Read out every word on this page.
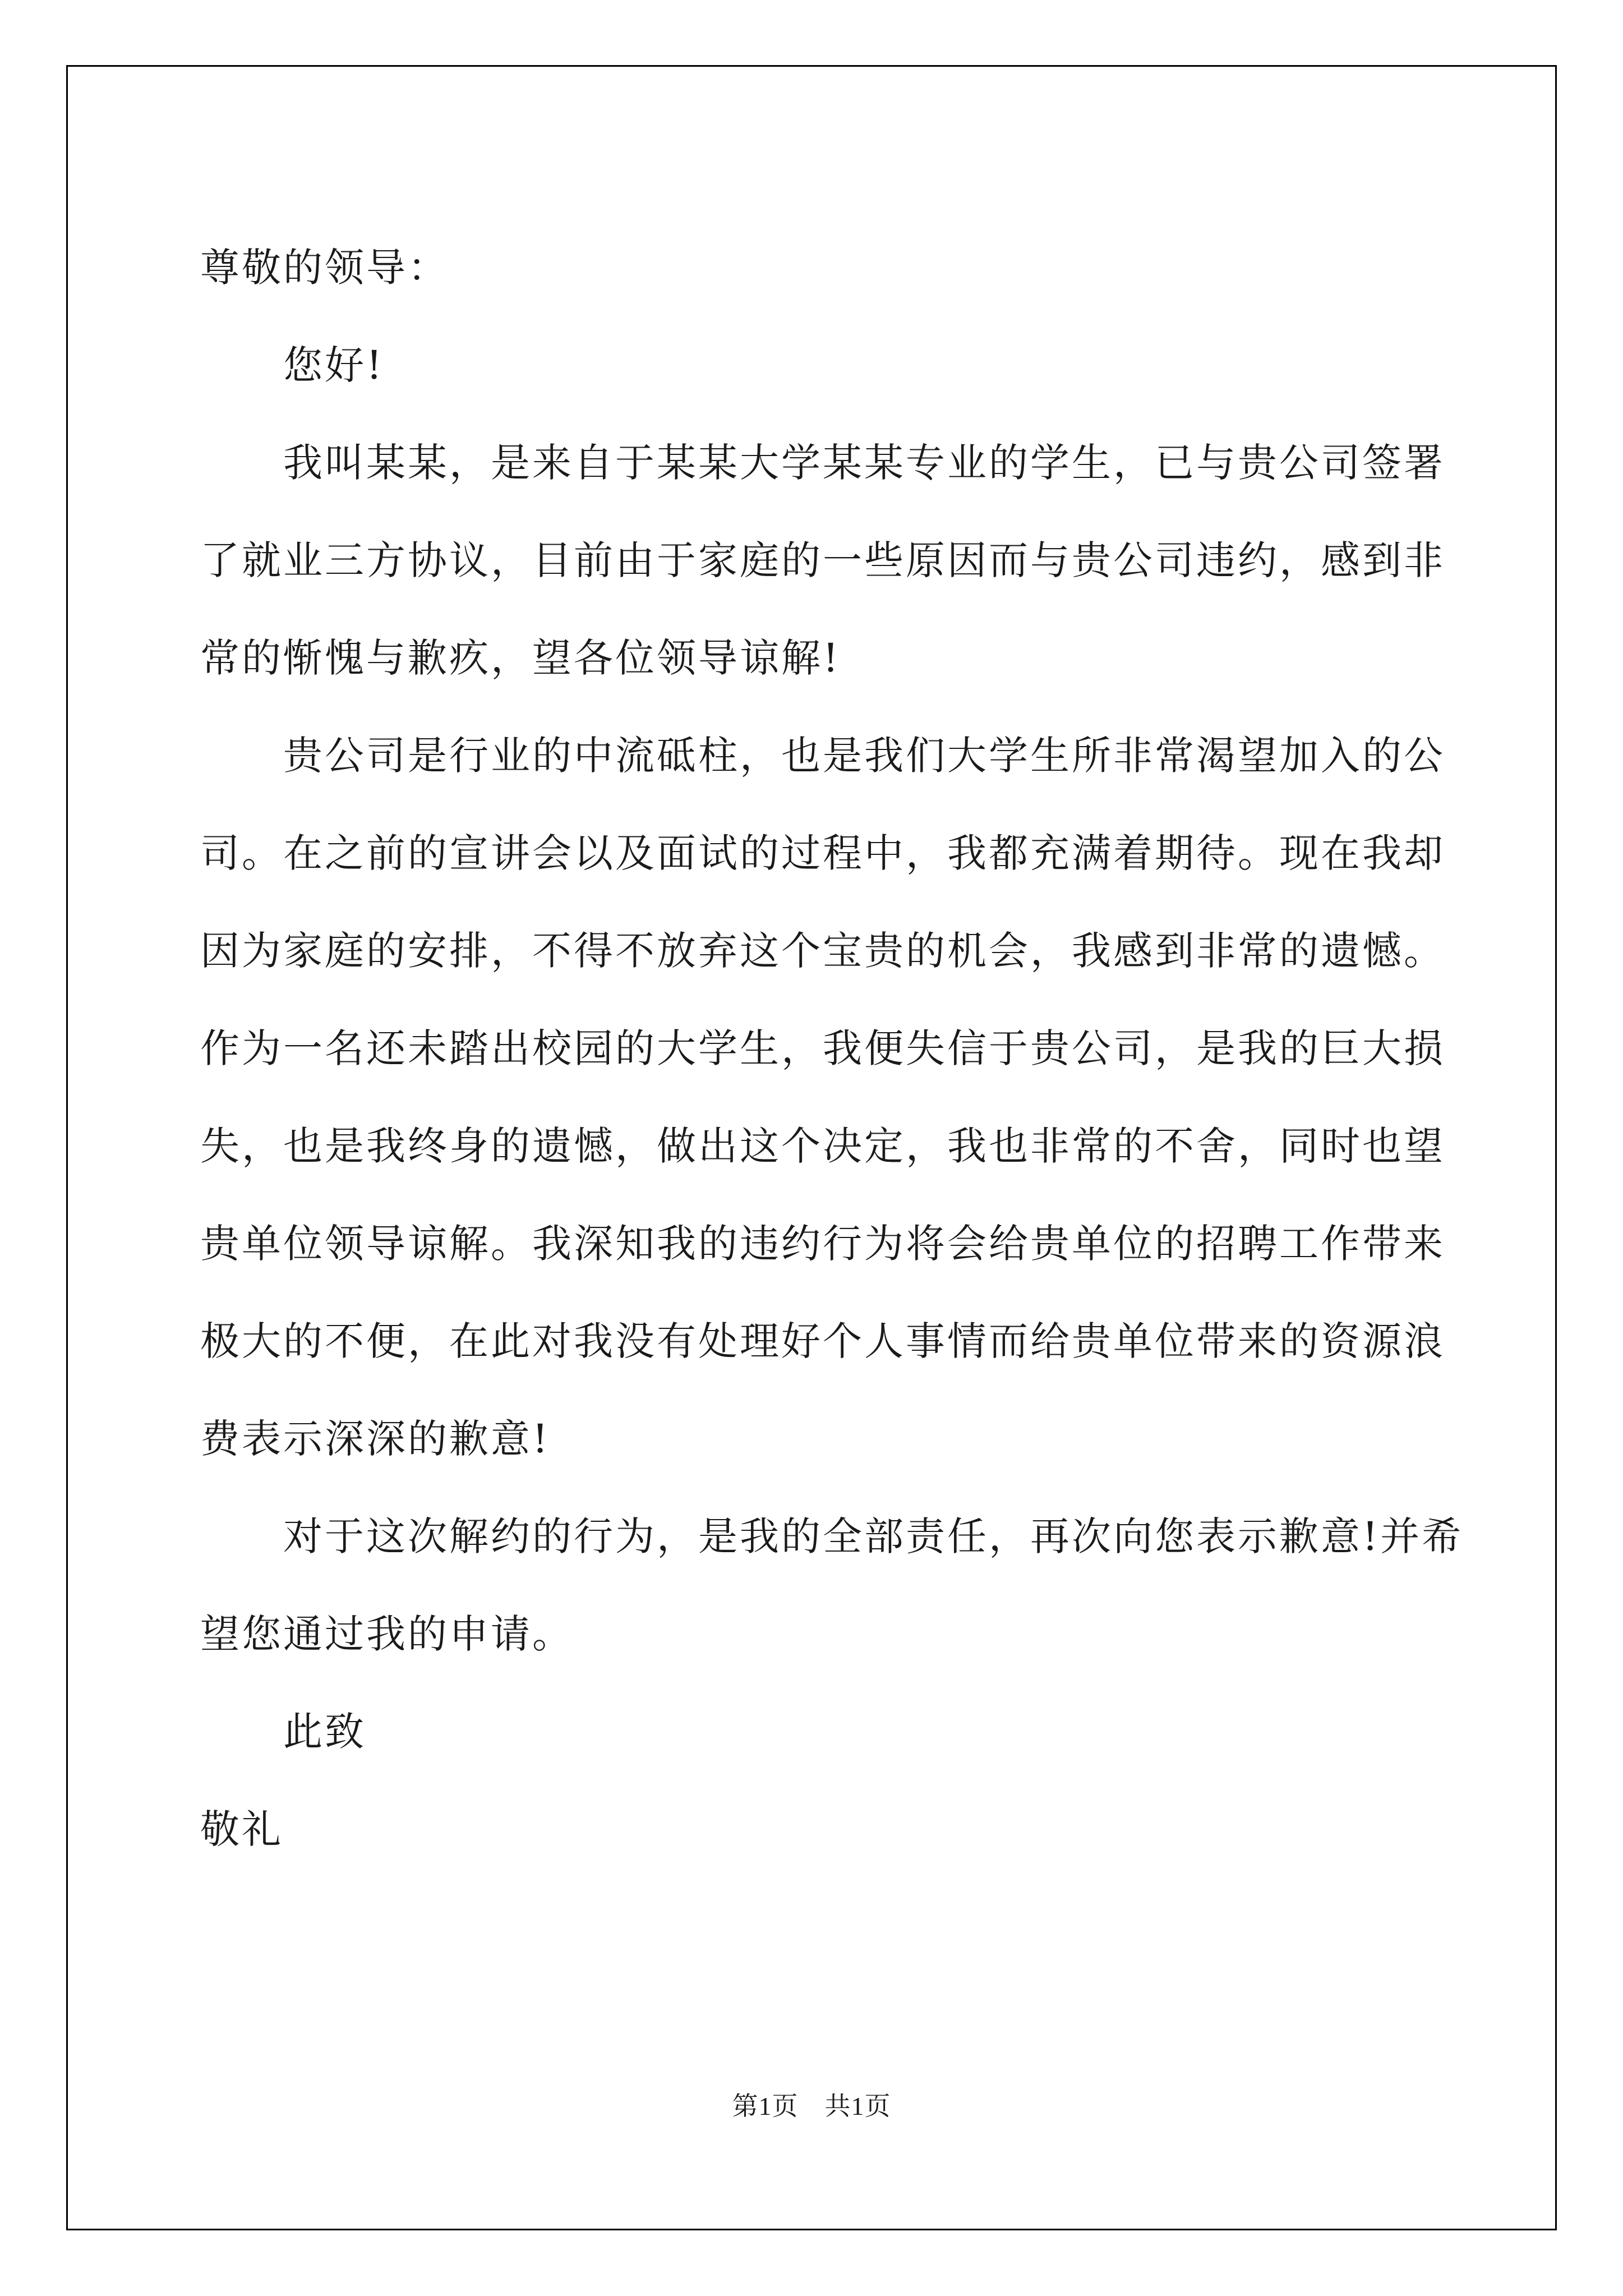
尊敬的领导：
您好!
我叫某某，是来自于某某大学某某专业的学生，已与贵公司签署
了就业三方协议，目前由于家庭的一些原因而与贵公司违约，感到非
常的惭愧与歉疚，望各位领导谅解!
贵公司是行业的中流砥柱，也是我们大学生所非常渴望加入的公
司。在之前的宣讲会以及面试的过程中，我都充满着期待。现在我却
因为家庭的安排，不得不放弃这个宝贵的机会，我感到非常的遗憾。
作为一名还未踏出校园的大学生，我便失信于贵公司，是我的巨大损
失，也是我终身的遗憾，做出这个决定，我也非常的不舍，同时也望
贵单位领导谅解。我深知我的违约行为将会给贵单位的招聘工作带来
极大的不便，在此对我没有处理好个人事情而给贵单位带来的资源浪
费表示深深的歉意!
对于这次解约的行为，是我的全部责任，再次向您表示歉意!并希
望您通过我的申请。
此致
敬礼
第1页　共1页
